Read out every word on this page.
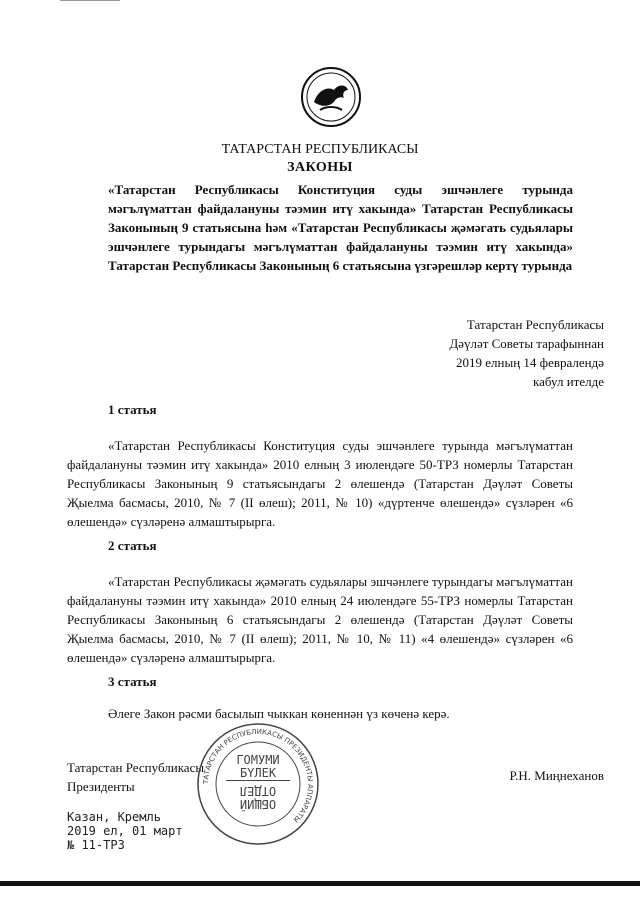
ТАТАРСТАН РЕСПУБЛИКАСЫ
ЗАКОНЫ
«Татарстан Республикасы Конституция суды эшчәнлеге турында мәгълүматтан файдалануны тәэмин итү хакында» Татарстан Республикасы Законының 9 статьясына һәм «Татарстан Республикасы җәмәгать судьялары эшчәнлеге турындагы мәгълүматтан файдалануны тәэмин итү хакында» Татарстан Республикасы Законының 6 статьясына үзгәрешләр кертү турында
Татарстан Республикасы
Дәүләт Советы тарафыннан
2019 елның 14 февралендә
кабул ителде
1 статья
«Татарстан Республикасы Конституция суды эшчәнлеге турында мәгълүматтан файдалануны тәэмин итү хакында» 2010 елның 3 июлендәге 50-ТРЗ номерлы Татарстан Республикасы Законының 9 статьясындагы 2 өлешендә (Татарстан Дәүләт Советы Җыелма басмасы, 2010, № 7 (II өлеш); 2011, № 10) «дүртенче өлешендә» сүзләрен «6 өлешендә» сүзләренә алмаштырырга.
2 статья
«Татарстан Республикасы җәмәгать судьялары эшчәнлеге турындагы мәгълүматтан файдалануны тәэмин итү хакында» 2010 елның 24 июлендәге 55-ТРЗ номерлы Татарстан Республикасы Законының 6 статьясындагы 2 өлешендә (Татарстан Дәүләт Советы Җыелма басмасы, 2010, № 7 (II өлеш); 2011, № 10, № 11) «4 өлешендә» сүзләрен «6 өлешендә» сүзләренә алмаштырырга.
3 статья
Әлеге Закон рәсми басылып чыккан көненнән үз көченә керә.
Татарстан Республикасы
Президенты
Р.Н. Миңнеханов
Казан, Кремль
2019 ел, 01 март
№ 11-ТРЗ
ТАТАРСТАН РЕСПУБЛИКАСЫ ПРЕЗИДЕНТЫ АППАРАТЫ
ГОМУМИ
БҮЛЕК
ОТДЕЛ
ОБЩИЙ
